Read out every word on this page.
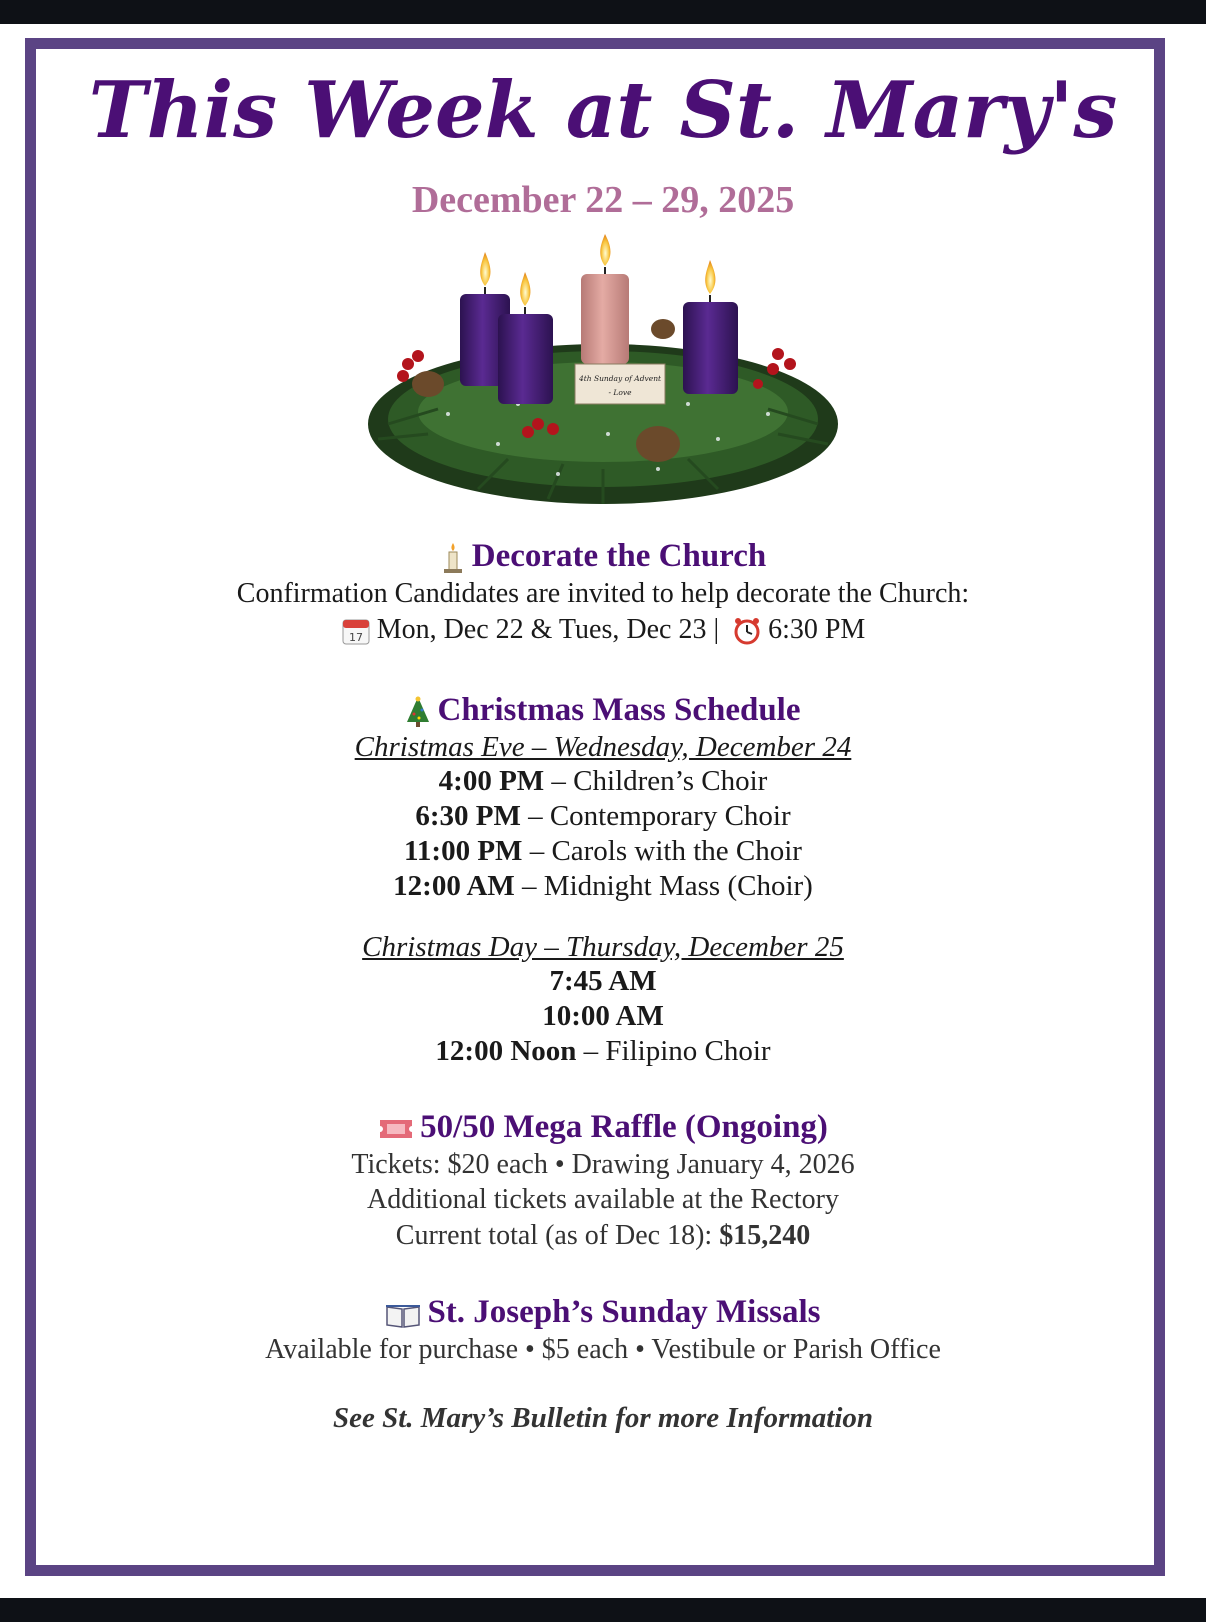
This Week at St. Mary's
December 22 – 29, 2025
4th Sunday of Advent
- Love
Decorate the Church
Confirmation Candidates are invited to help decorate the Church:
17 Mon, Dec 22 & Tues, Dec 23 | 6:30 PM
Christmas Mass Schedule
Christmas Eve – Wednesday, December 24
4:00 PM – Children’s Choir
6:30 PM – Contemporary Choir
11:00 PM – Carols with the Choir
12:00 AM – Midnight Mass (Choir)
Christmas Day – Thursday, December 25
7:45 AM
10:00 AM
12:00 Noon – Filipino Choir
50/50 Mega Raffle (Ongoing)
Tickets: $20 each • Drawing January 4, 2026
Additional tickets available at the Rectory
Current total (as of Dec 18): $15,240
St. Joseph’s Sunday Missals
Available for purchase • $5 each • Vestibule or Parish Office
See St. Mary’s Bulletin for more Information
